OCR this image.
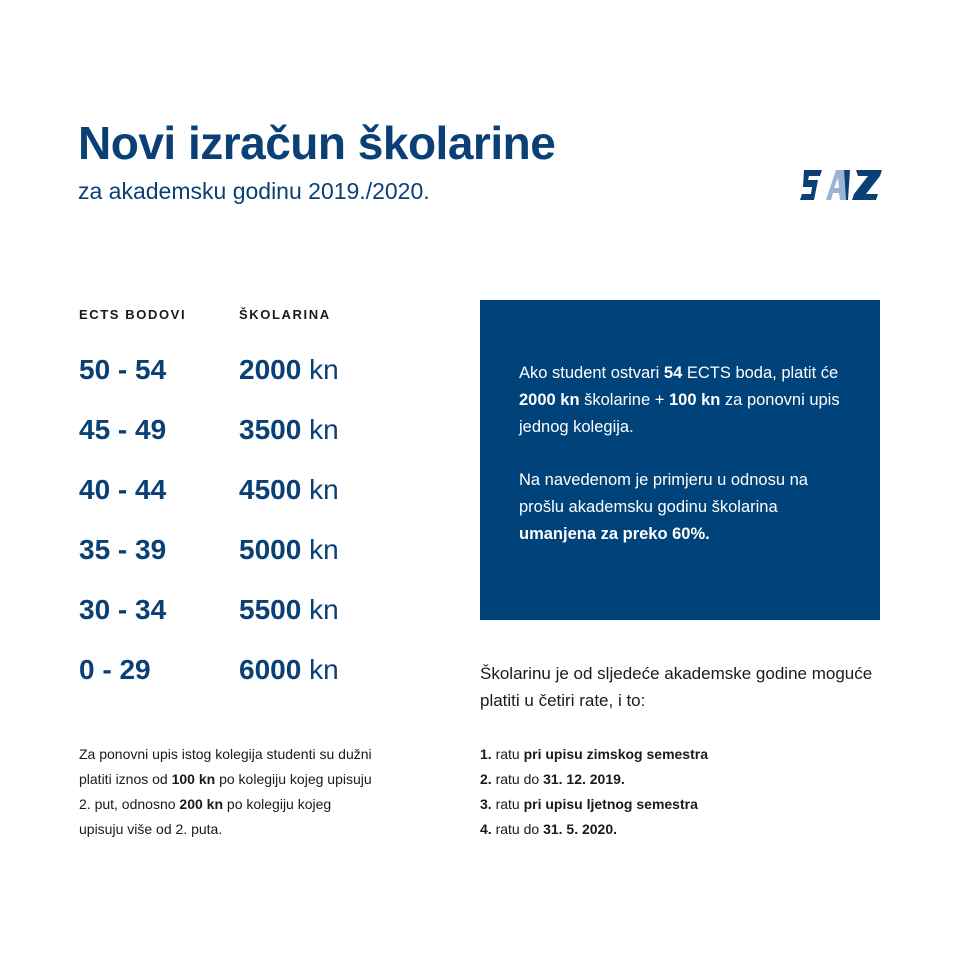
Novi izračun školarine

za akademsku godinu 2019./2020.

ECTS BODOVI	ŠKOLARINA
50 - 54	2000 kn
45 - 49	3500 kn
40 - 44	4500 kn
35 - 39	5000 kn
30 - 34	5500 kn
0 - 29	6000 kn
Za ponovni upis istog kolegija studenti su dužni platiti iznos od 100 kn po kolegiju kojeg upisuju 2. put, odnosno 200 kn po kolegiju kojeg upisuju više od 2. puta.

Ako student ostvari 54 ECTS boda, platit će 2000 kn školarine + 100 kn za ponovni upis jednog kolegija.

Na navedenom je primjeru u odnosu na prošlu akademsku godinu školarina umanjena za preko 60%.

Školarinu je od sljedeće akademske godine moguće platiti u četiri rate, i to:
1. ratu pri upisu zimskog semestra
2. ratu do 31. 12. 2019.
3. ratu pri upisu ljetnog semestra
4. ratu do 31. 5. 2020.
